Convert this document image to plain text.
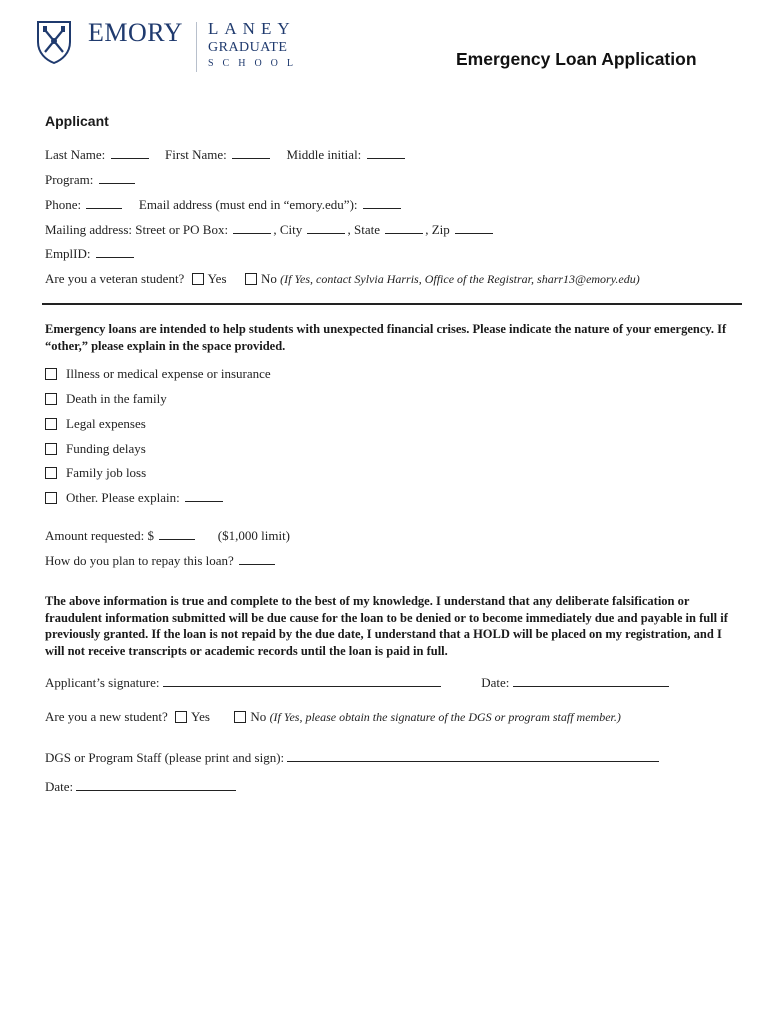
EMORY LANEY
GRADUATE
SCHOOL	Emergency Loan Application
Applicant
Last Name:	First Name:	Middle initial:
Program:
Phone:	Email address (must end in “emory.edu”):
Mailing address: Street or PO Box:	, City	, State	, Zip
EmplID:
Are you a veteran student? Yes	No (If Yes, contact Sylvia Harris, Office of the Registrar, sharr13@emory.edu)
Emergency loans are intended to help students with unexpected financial crises. Please indicate the nature of your emergency. If “other,” please explain in the space provided.
Illness or medical expense or insurance
Death in the family
Legal expenses
Funding delays
Family job loss
Other. Please explain:
Amount requested: $	($1,000 limit)
How do you plan to repay this loan?
The above information is true and complete to the best of my knowledge. I understand that any deliberate falsification or fraudulent information submitted will be due cause for the loan to be denied or to become immediately due and payable in full if previously granted. If the loan is not repaid by the due date, I understand that a HOLD will be placed on my registration, and I will not receive transcripts or academic records until the loan is paid in full.
Applicant’s signature:	Date:
Are you a new student? Yes	No (If Yes, please obtain the signature of the DGS or program staff member.)
DGS or Program Staff (please print and sign):
Date:
